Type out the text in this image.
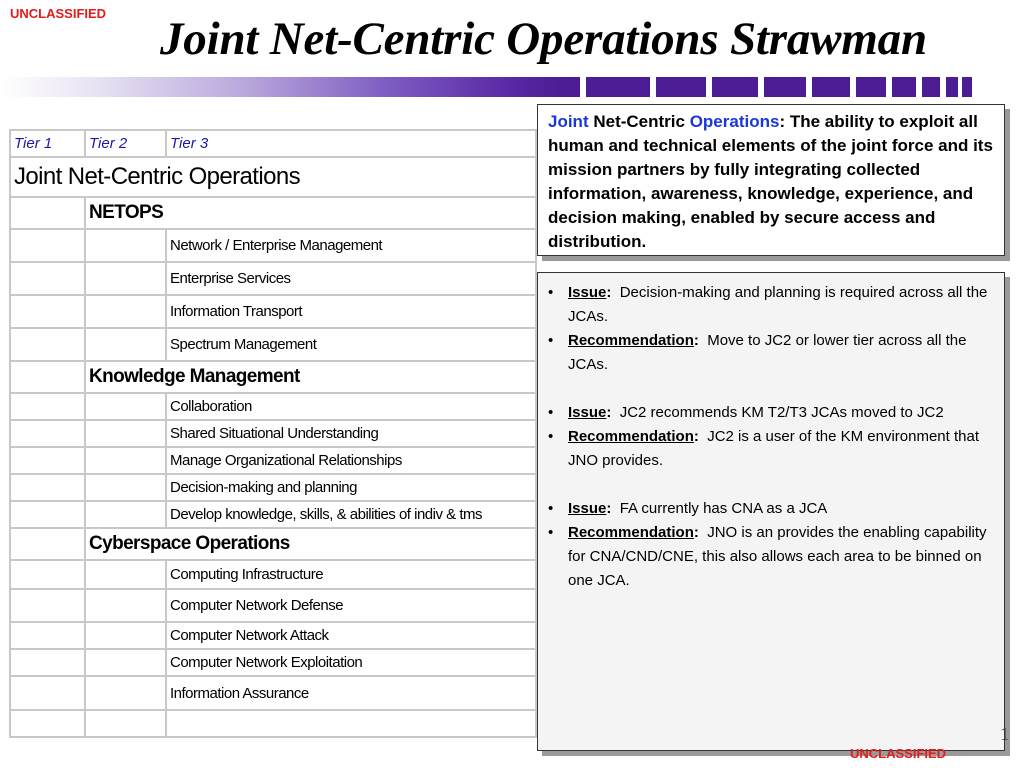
UNCLASSIFIED Joint Net-Centric Operations Strawman
Tier 1	Tier 2	Tier 3
Joint Net-Centric Operations		
	NETOPS	
		Network / Enterprise Management
		Enterprise Services
		Information Transport
		Spectrum Management
	Knowledge Management	
		Collaboration
		Shared Situational Understanding
		Manage Organizational Relationships
		Decision-making and planning
		Develop knowledge, skills, & abilities of indiv & tms
	Cyberspace Operations	
		Computing Infrastructure
		Computer Network Defense
		Computer Network Attack
		Computer Network Exploitation
		Information Assurance

Joint Net-Centric Operations: The ability to exploit all human and technical elements of the joint force and its mission partners by fully integrating collected information, awareness, knowledge, experience, and decision making, enabled by secure access and distribution.

• Issue:  Decision-making and planning is required across all the JCAs.
• Recommendation:  Move to JC2 or lower tier across all the JCAs.
• Issue:  JC2 recommends KM T2/T3 JCAs moved to JC2
• Recommendation:  JC2 is a user of the KM environment that JNO provides.
• Issue:  FA currently has CNA as a JCA
• Recommendation:  JNO is an provides the enabling capability for CNA/CND/CNE, this also allows each area to be binned on one JCA.
1
UNCLASSIFIED
